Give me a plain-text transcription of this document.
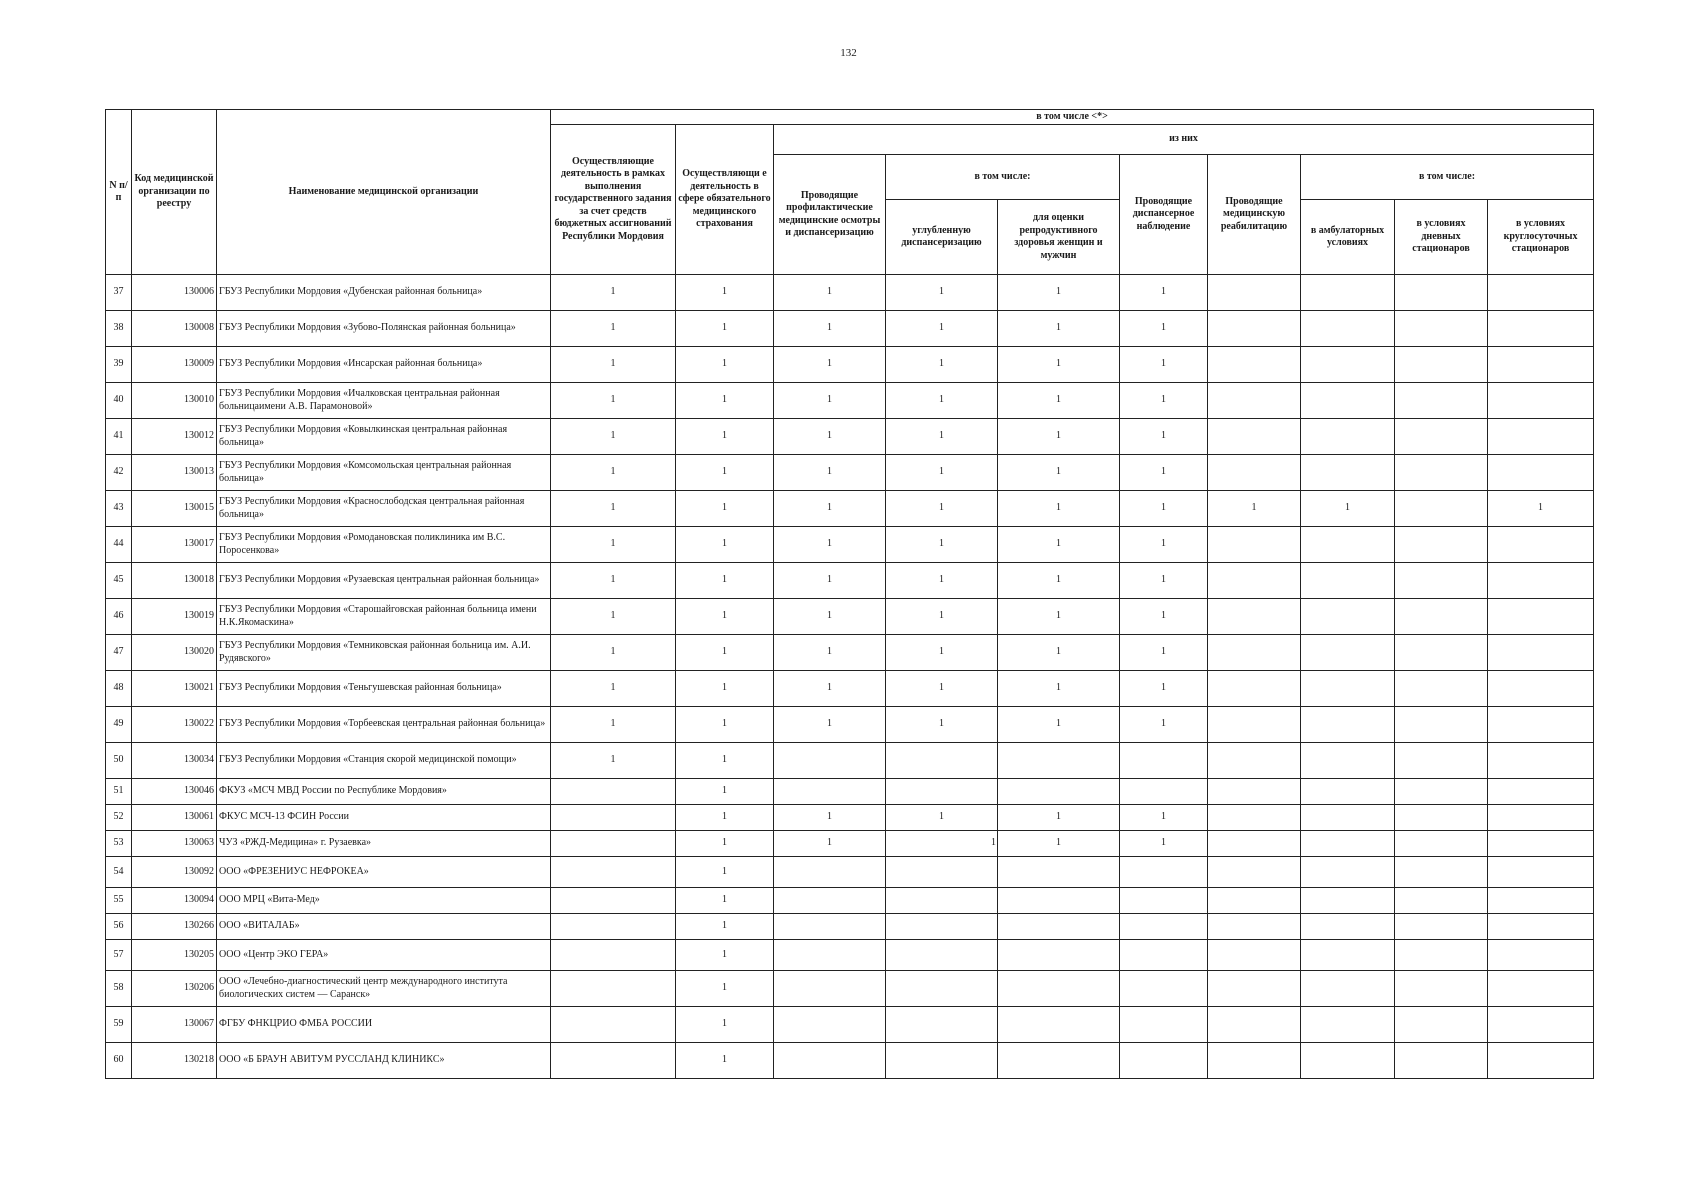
132
N п/п	Код медицинской организации по реестру	Наименование медицинской организации	в том числе <*>									
			Осуществляющие деятельность в рамках выполнения государственного задания за счет средств бюджетных ассигнований Республики Мордовия	Осуществляющи е деятельность в сфере обязательного медицинского страхования	из них							
					Проводящие профилактические медицинские осмотры и диспансеризацию	в том числе:		Проводящие диспансерное наблюдение	Проводящие медицинскую реабилитацию	в том числе:		
						углубленную диспансеризацию	для оценки репродуктивного здоровья женщин и мужчин			в амбулаторных условиях	в условиях дневных стационаров	в условиях круглосуточных стационаров
37	130006	ГБУЗ Республики Мордовия «Дубенская районная больница»	1	1	1	1	1	1				
38	130008	ГБУЗ Республики Мордовия «Зубово-Полянская районная больница»	1	1	1	1	1	1				
39	130009	ГБУЗ Республики Мордовия «Инсарская районная больница»	1	1	1	1	1	1				
40	130010	ГБУЗ Республики Мордовия «Ичалковская центральная районная больницаимени А.В. Парамоновой»	1	1	1	1	1	1				
41	130012	ГБУЗ Республики Мордовия «Ковылкинская центральная районная больница»	1	1	1	1	1	1				
42	130013	ГБУЗ Республики Мордовия «Комсомольская центральная районная больница»	1	1	1	1	1	1				
43	130015	ГБУЗ Республики Мордовия «Краснослободская центральная районная больница»	1	1	1	1	1	1	1	1		1
44	130017	ГБУЗ Республики Мордовия «Ромодановская поликлиника им В.С. Поросенкова»	1	1	1	1	1	1				
45	130018	ГБУЗ Республики Мордовия «Рузаевская центральная районная больница»	1	1	1	1	1	1				
46	130019	ГБУЗ Республики Мордовия «Старошайговская районная больница имени Н.К.Якомаскина»	1	1	1	1	1	1				
47	130020	ГБУЗ Республики Мордовия «Темниковская районная больница им. А.И. Рудявского»	1	1	1	1	1	1				
48	130021	ГБУЗ Республики Мордовия «Теньгушевская районная больница»	1	1	1	1	1	1				
49	130022	ГБУЗ Республики Мордовия «Торбеевская центральная районная больница»	1	1	1	1	1	1				
50	130034	ГБУЗ Республики Мордовия «Станция скорой медицинской помощи»	1	1								
51	130046	ФКУЗ «МСЧ МВД России по Республике Мордовия»		1								
52	130061	ФКУС МСЧ-13 ФСИН России		1	1	1	1	1				
53	130063	ЧУЗ «РЖД-Медицина» г. Рузаевка»		1	1	1	1	1				
54	130092	ООО «ФРЕЗЕНИУС НЕФРОКЕА»		1								
55	130094	ООО МРЦ «Вита-Мед»		1								
56	130266	ООО «ВИТАЛАБ»		1								
57	130205	ООО «Центр ЭКО ГЕРА»		1								
58	130206	ООО «Лечебно-диагностический центр международного института биологических систем — Саранск»		1								
59	130067	ФГБУ ФНКЦРИО ФМБА РОССИИ		1								
60	130218	ООО «Б БРАУН АВИТУМ РУССЛАНД КЛИНИКС»		1								
